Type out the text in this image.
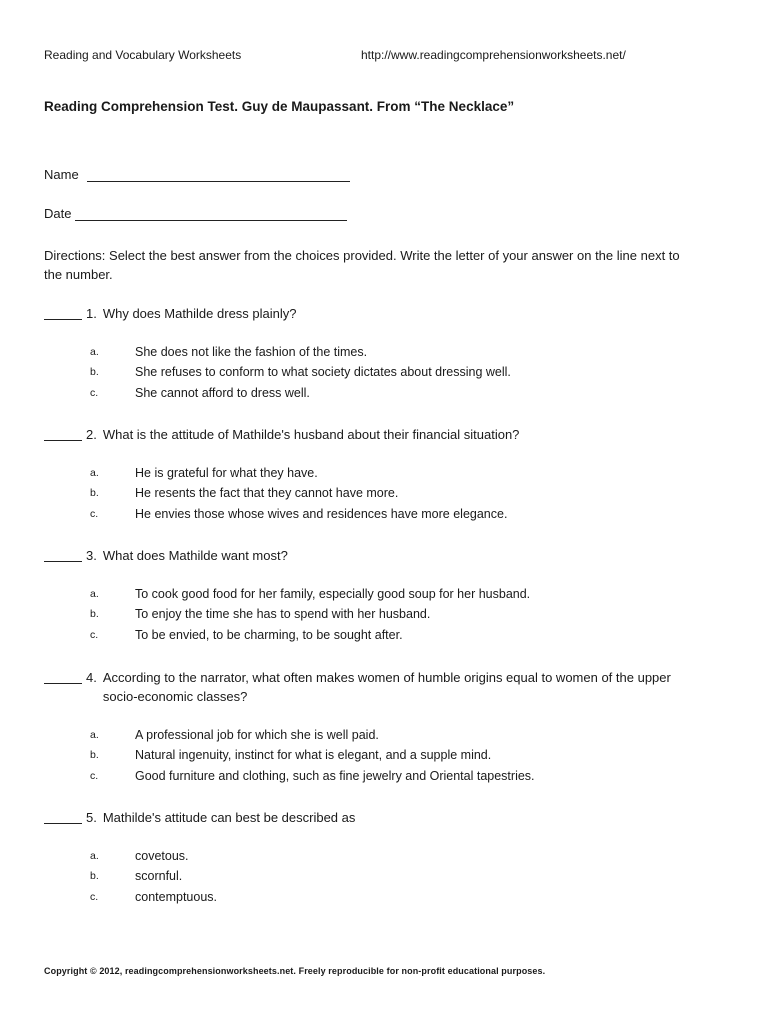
Reading and Vocabulary Worksheets	http://www.readingcomprehensionworksheets.net/
Reading Comprehension Test. Guy de Maupassant. From “The Necklace”
Name
Date
Directions: Select the best answer from the choices provided. Write the letter of your answer on the line next to the number.
1. Why does Mathilde dress plainly?
a.	She does not like the fashion of the times.
b.	She refuses to conform to what society dictates about dressing well.
c.	She cannot afford to dress well.
2. What is the attitude of Mathilde's husband about their financial situation?
a.	He is grateful for what they have.
b.	He resents the fact that they cannot have more.
c.	He envies those whose wives and residences have more elegance.
3. What does Mathilde want most?
a.	To cook good food for her family, especially good soup for her husband.
b.	To enjoy the time she has to spend with her husband.
c.	To be envied, to be charming, to be sought after.
4. According to the narrator, what often makes women of humble origins equal to women of the upper socio-economic classes?
a.	A professional job for which she is well paid.
b.	Natural ingenuity, instinct for what is elegant, and a supple mind.
c.	Good furniture and clothing, such as fine jewelry and Oriental tapestries.
5. Mathilde's attitude can best be described as
a.	covetous.
b.	scornful.
c.	contemptuous.
Copyright © 2012, readingcomprehensionworksheets.net. Freely reproducible for non-profit educational purposes.
